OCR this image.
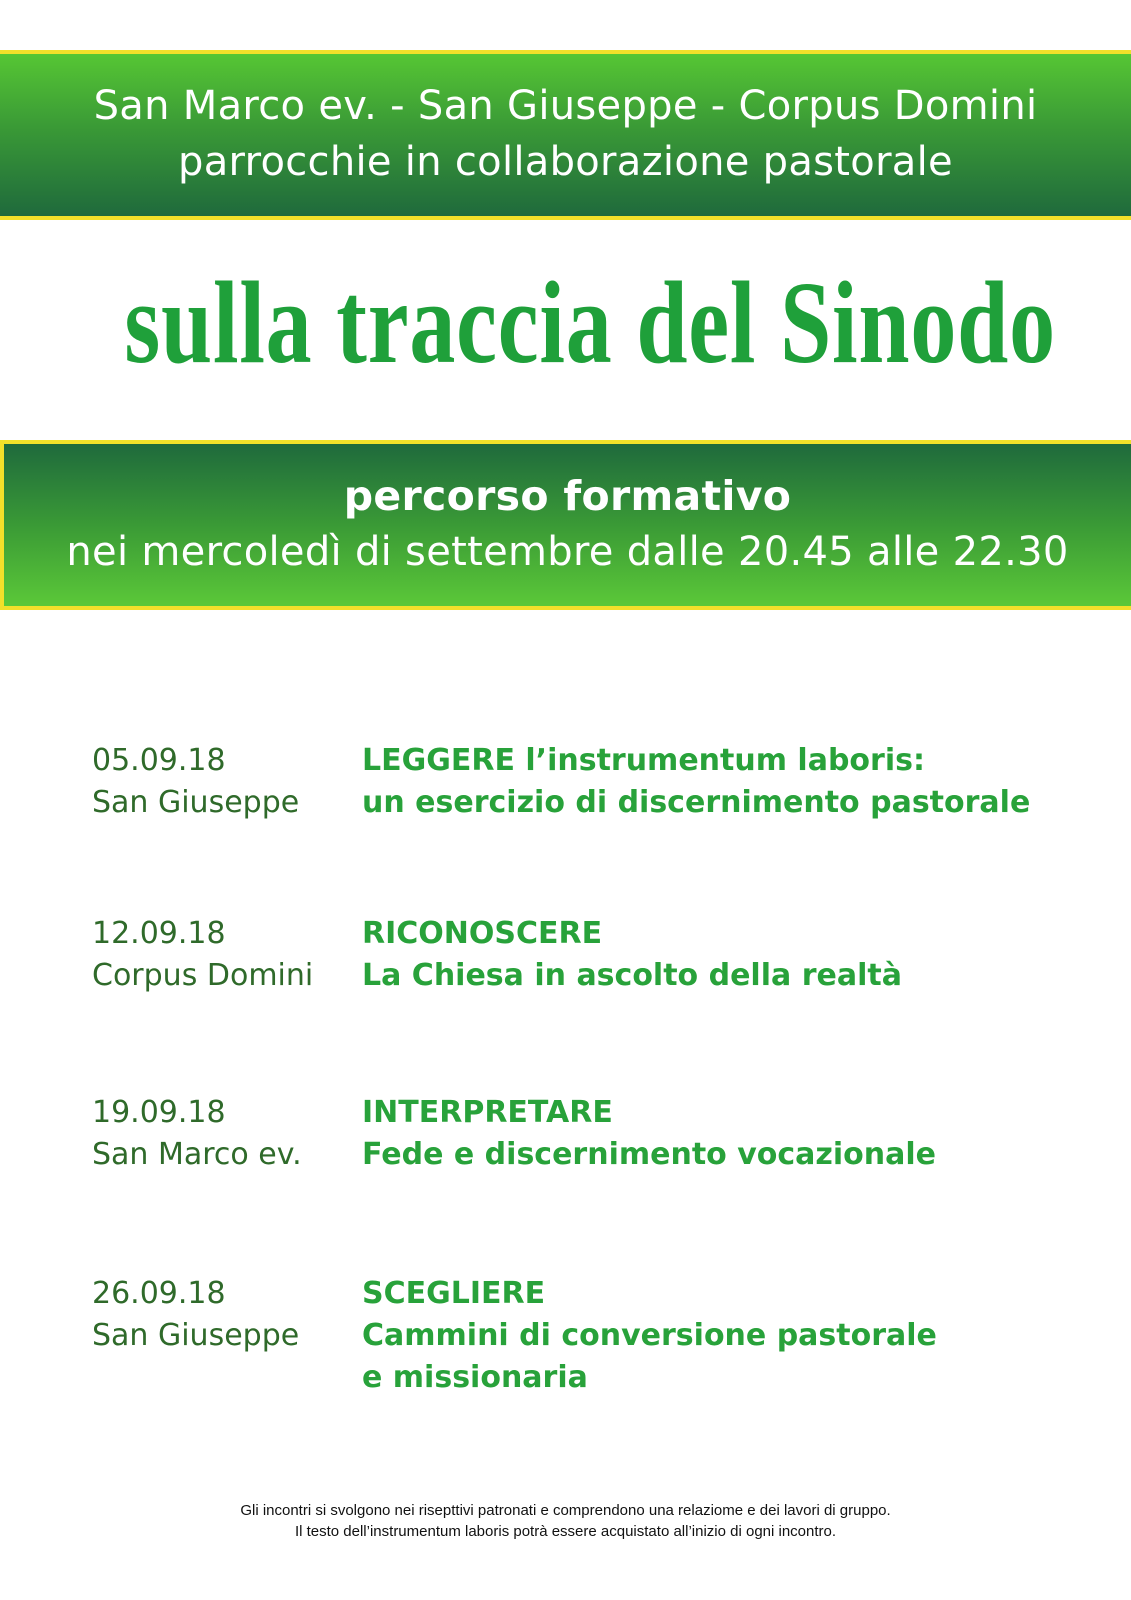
San Marco ev. - San Giuseppe - Corpus Domini
parrocchie in collaborazione pastorale
sulla traccia del Sinodo
percorso formativo
nei mercoledì di settembre dalle 20.45 alle 22.30
05.09.18
San Giuseppe
LEGGERE l’instrumentum laboris:
un esercizio di discernimento pastorale
12.09.18
Corpus Domini
RICONOSCERE
La Chiesa in ascolto della realtà
19.09.18
San Marco ev.
INTERPRETARE
Fede e discernimento vocazionale
26.09.18
San Giuseppe
SCEGLIERE
Cammini di conversione pastorale
e missionaria
Gli incontri si svolgono nei risepttivi patronati e comprendono una relaziome e dei lavori di gruppo.
Il testo dell’instrumentum laboris potrà essere acquistato all’inizio di ogni incontro.
